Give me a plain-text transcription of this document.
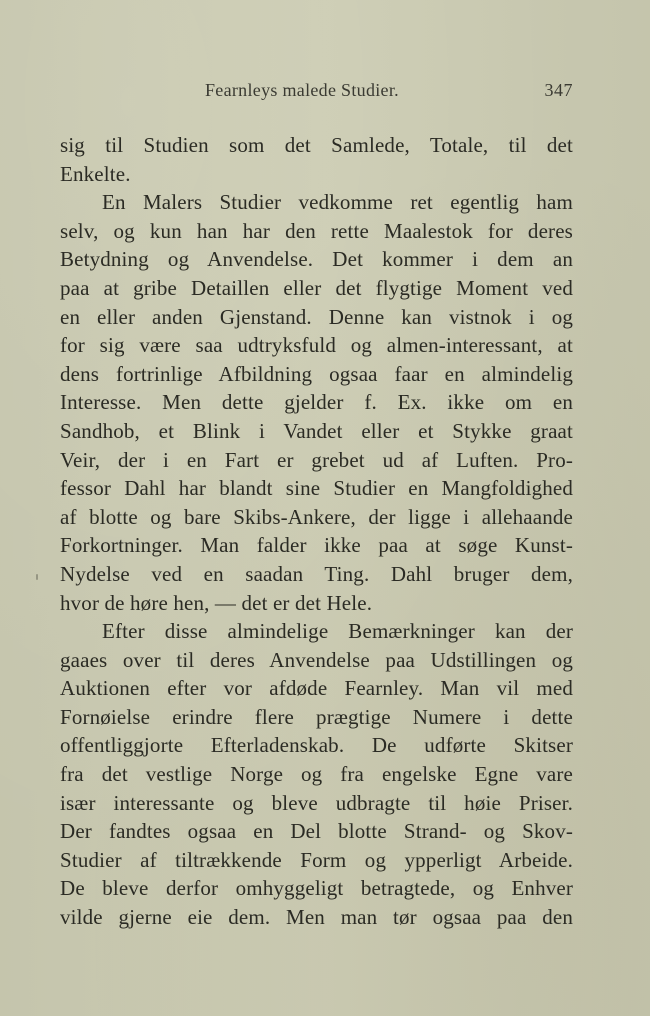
Fearnleys malede Studier.	347
sig til Studien som det Samlede, Totale, til det
Enkelte.
En Malers Studier vedkomme ret egentlig ham
selv, og kun han har den rette Maalestok for deres
Betydning og Anvendelse. Det kommer i dem an
paa at gribe Detaillen eller det flygtige Moment ved
en eller anden Gjenstand. Denne kan vistnok i og
for sig være saa udtryksfuld og almen-interessant, at
dens fortrinlige Afbildning ogsaa faar en almindelig
Interesse. Men dette gjelder f. Ex. ikke om en
Sandhob, et Blink i Vandet eller et Stykke graat
Veir, der i en Fart er grebet ud af Luften. Pro-
fessor Dahl har blandt sine Studier en Mangfoldighed
af blotte og bare Skibs-Ankere, der ligge i allehaande
Forkortninger. Man falder ikke paa at søge Kunst-
Nydelse ved en saadan Ting. Dahl bruger dem,
hvor de høre hen, — det er det Hele.
Efter disse almindelige Bemærkninger kan der
gaaes over til deres Anvendelse paa Udstillingen og
Auktionen efter vor afdøde Fearnley. Man vil med
Fornøielse erindre flere prægtige Numere i dette
offentliggjorte Efterladenskab. De udførte Skitser
fra det vestlige Norge og fra engelske Egne vare
især interessante og bleve udbragte til høie Priser.
Der fandtes ogsaa en Del blotte Strand- og Skov-
Studier af tiltrækkende Form og ypperligt Arbeide.
De bleve derfor omhyggeligt betragtede, og Enhver
vilde gjerne eie dem. Men man tør ogsaa paa den
